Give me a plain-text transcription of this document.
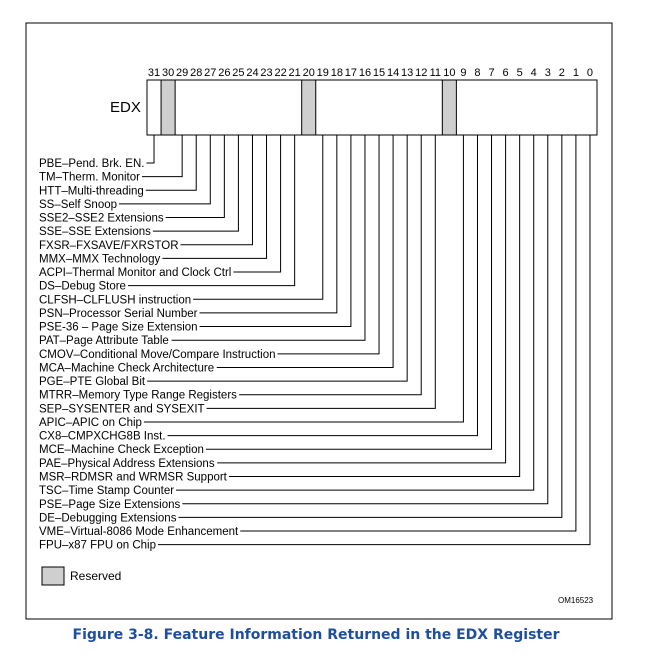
EDX
31 30 29 28 27 26 25 24 23 22 21 20 19 18 17 16 15 14 13 12 11 10 9 8 7 6 5 4 3 2 1 0
PBE–Pend. Brk. EN.
TM–Therm. Monitor
HTT–Multi-threading
SS–Self Snoop
SSE2–SSE2 Extensions
SSE–SSE Extensions
FXSR–FXSAVE/FXRSTOR
MMX–MMX Technology
ACPI–Thermal Monitor and Clock Ctrl
DS–Debug Store
CLFSH–CLFLUSH instruction
PSN–Processor Serial Number
PSE-36 – Page Size Extension
PAT–Page Attribute Table
CMOV–Conditional Move/Compare Instruction
MCA–Machine Check Architecture
PGE–PTE Global Bit
MTRR–Memory Type Range Registers
SEP–SYSENTER and SYSEXIT
APIC–APIC on Chip
CX8–CMPXCHG8B Inst.
MCE–Machine Check Exception
PAE–Physical Address Extensions
MSR–RDMSR and WRMSR Support
TSC–Time Stamp Counter
PSE–Page Size Extensions
DE–Debugging Extensions
VME–Virtual-8086 Mode Enhancement
FPU–x87 FPU on Chip
Reserved
OM16523
Figure 3-8. Feature Information Returned in the EDX Register
